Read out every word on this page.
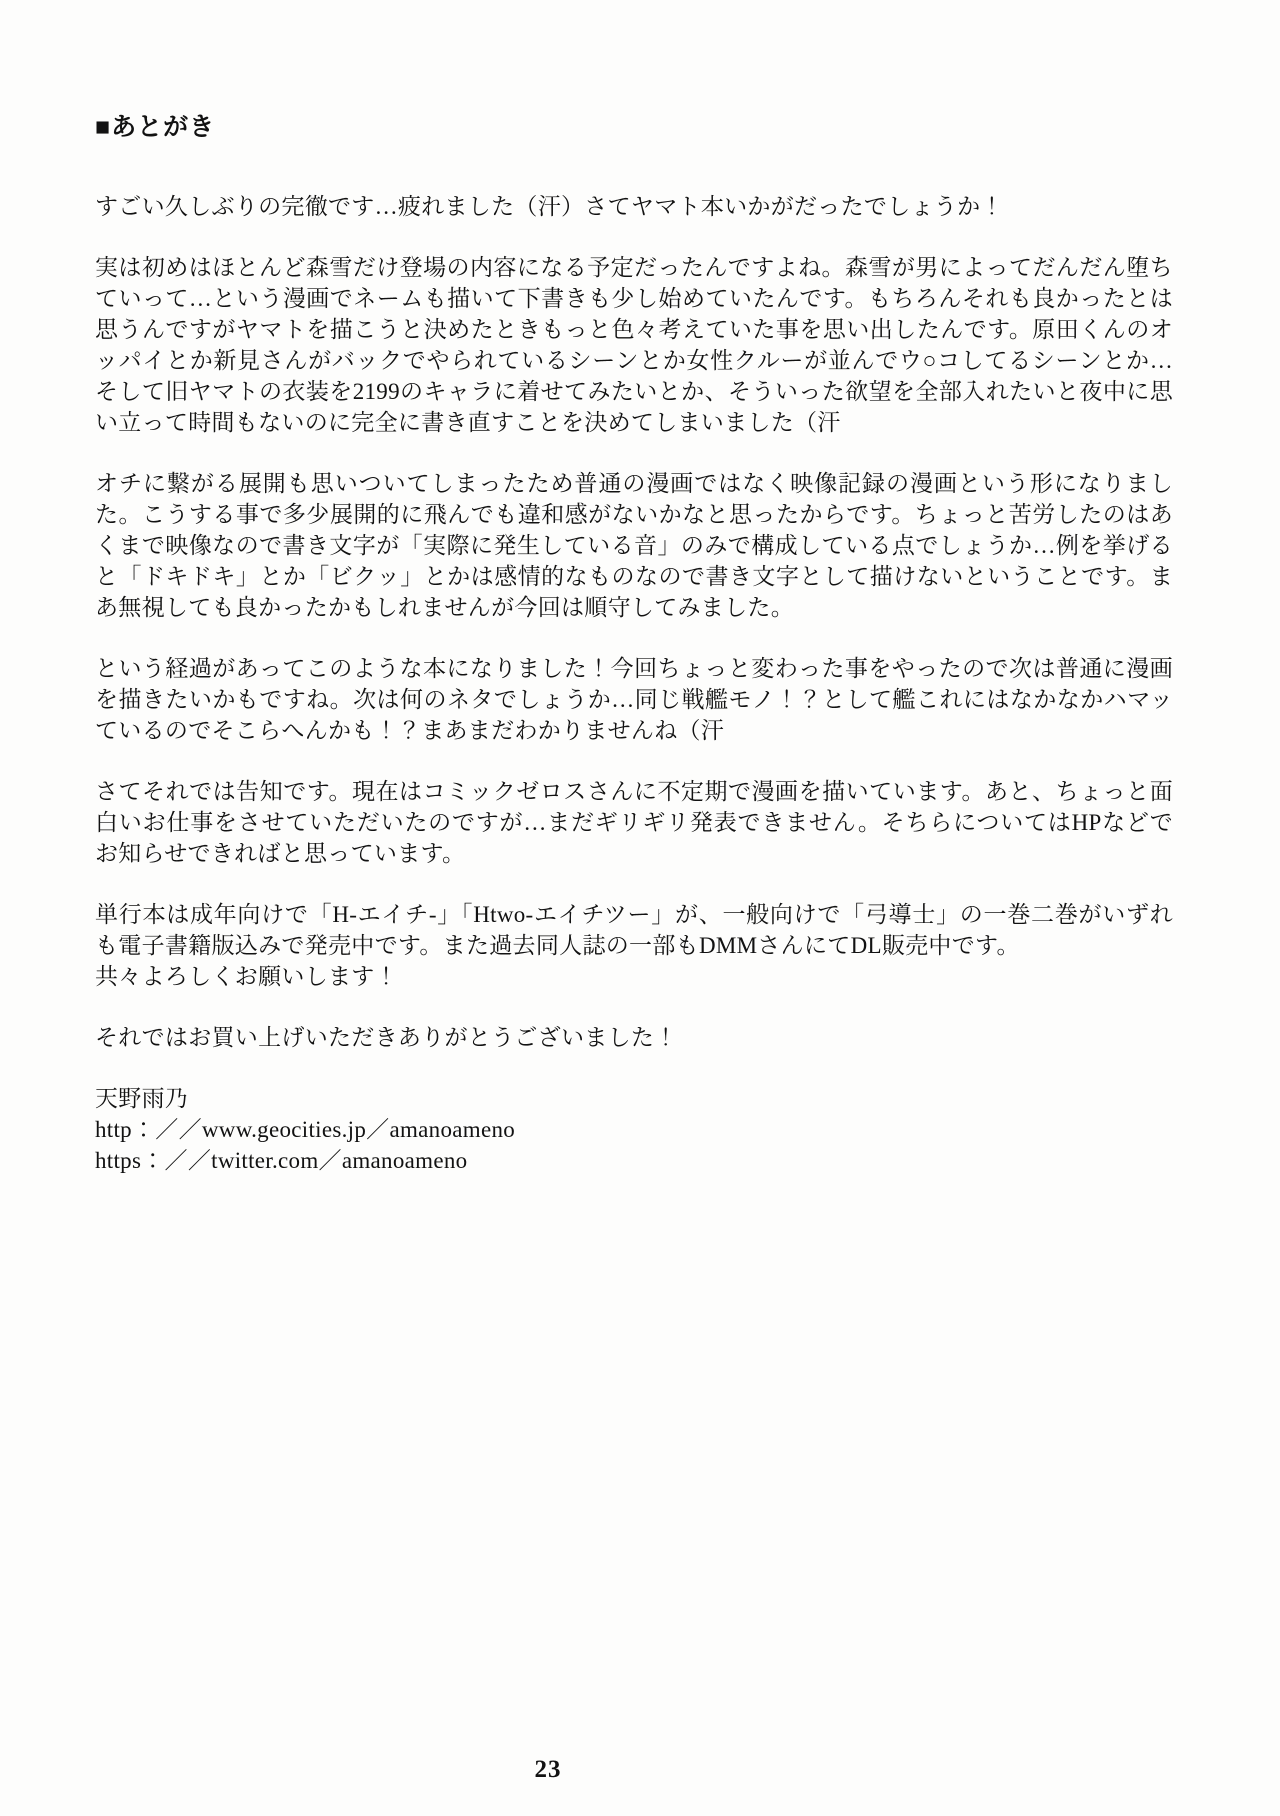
■あとがき

すごい久しぶりの完徹です…疲れました（汗）さてヤマト本いかがだったでしょうか！

実は初めはほとんど森雪だけ登場の内容になる予定だったんですよね。森雪が男によってだんだん堕ちていって…という漫画でネームも描いて下書きも少し始めていたんです。もちろんそれも良かったとは思うんですがヤマトを描こうと決めたときもっと色々考えていた事を思い出したんです。原田くんのオッパイとか新見さんがバックでやられているシーンとか女性クルーが並んでウ○コしてるシーンとか…そして旧ヤマトの衣装を2199のキャラに着せてみたいとか、そういった欲望を全部入れたいと夜中に思い立って時間もないのに完全に書き直すことを決めてしまいました（汗

オチに繋がる展開も思いついてしまったため普通の漫画ではなく映像記録の漫画という形になりました。こうする事で多少展開的に飛んでも違和感がないかなと思ったからです。ちょっと苦労したのはあくまで映像なので書き文字が「実際に発生している音」のみで構成している点でしょうか…例を挙げると「ドキドキ」とか「ビクッ」とかは感情的なものなので書き文字として描けないということです。まあ無視しても良かったかもしれませんが今回は順守してみました。

という経過があってこのような本になりました！今回ちょっと変わった事をやったので次は普通に漫画を描きたいかもですね。次は何のネタでしょうか…同じ戦艦モノ！？として艦これにはなかなかハマッているのでそこらへんかも！？まあまだわかりませんね（汗

さてそれでは告知です。現在はコミックゼロスさんに不定期で漫画を描いています。あと、ちょっと面白いお仕事をさせていただいたのですが…まだギリギリ発表できません。そちらについてはHPなどでお知らせできればと思っています。

単行本は成年向けで「H-エイチ-」「Htwo-エイチツー」が、一般向けで「弓導士」の一巻二巻がいずれも電子書籍版込みで発売中です。また過去同人誌の一部もDMMさんにてDL販売中です。

共々よろしくお願いします！

それではお買い上げいただきありがとうございました！

天野雨乃

http：／／www.geocities.jp／amanoameno

https：／／twitter.com／amanoameno

23
